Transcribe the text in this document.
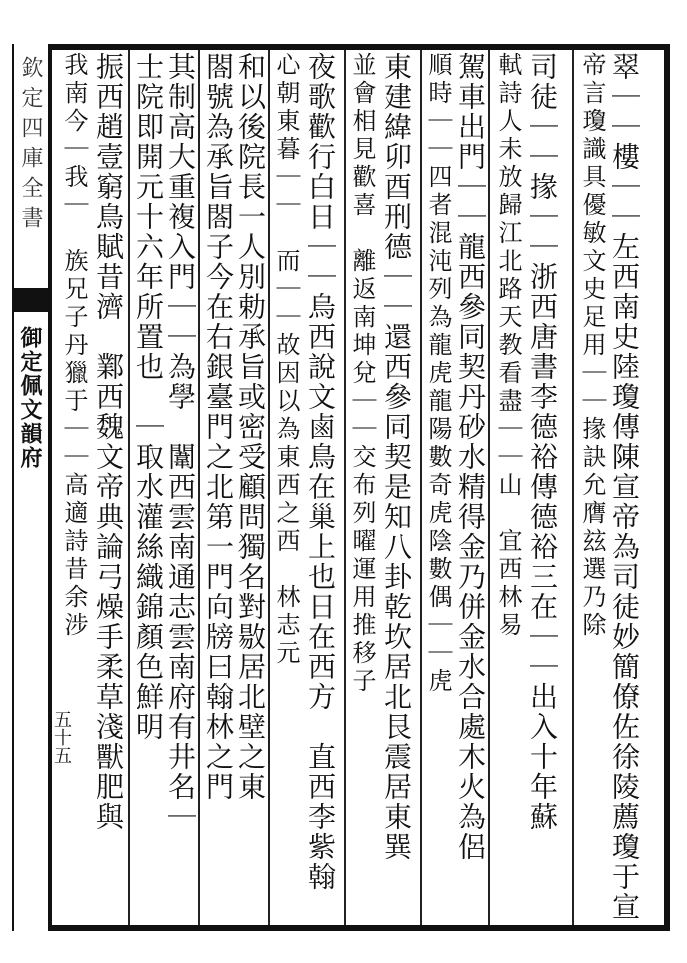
欽定四庫全書
御定佩文韻府
五十五	翠｜｜樓｜｜左西南史陸瓊傳陳宣帝為司徒妙簡僚佐徐陵薦瓊于宣
帝言瓊識具優敏文史足用｜｜掾訣允膺玆選乃除
司徒｜｜掾｜｜浙西唐書李德裕傳德裕三在｜｜出入十年蘇
軾詩人未放歸江北路天教看盡｜｜山　宜西林易
駕車出門｜｜龍西參同契丹砂水精得金乃併金水合處木火為侶
順時｜｜四者混沌列為龍虎龍陽數奇虎陰數偶｜｜虎
東建緯卯酉刑德｜｜還西參同契是知八卦乾坎居北艮震居東巽
並會相見歡喜　離返南坤兌｜｜交布列曜運用推移子
夜歌歡行白日｜｜烏西說文鹵鳥在巢上也日在西方　直西李紫翰
心朝東暮｜｜　而｜｜故因以為東西之西　林志元
和以後院長一人別勅承旨或密受顧問獨名對敭居北壁之東
閤號為承旨閤子今在右銀臺門之北第一門向牓曰翰林之門
其制高大重複入門｜｜為學　闈西雲南通志雲南府有井名｜
士院即開元十六年所置也　｜取水灌絲織錦顏色鮮明
振西趙壹窮鳥賦昔濟　鄴西魏文帝典論弓燥手柔草淺獸肥與
我南今｜我｜　族兄子丹獵于｜｜高適詩昔余涉
